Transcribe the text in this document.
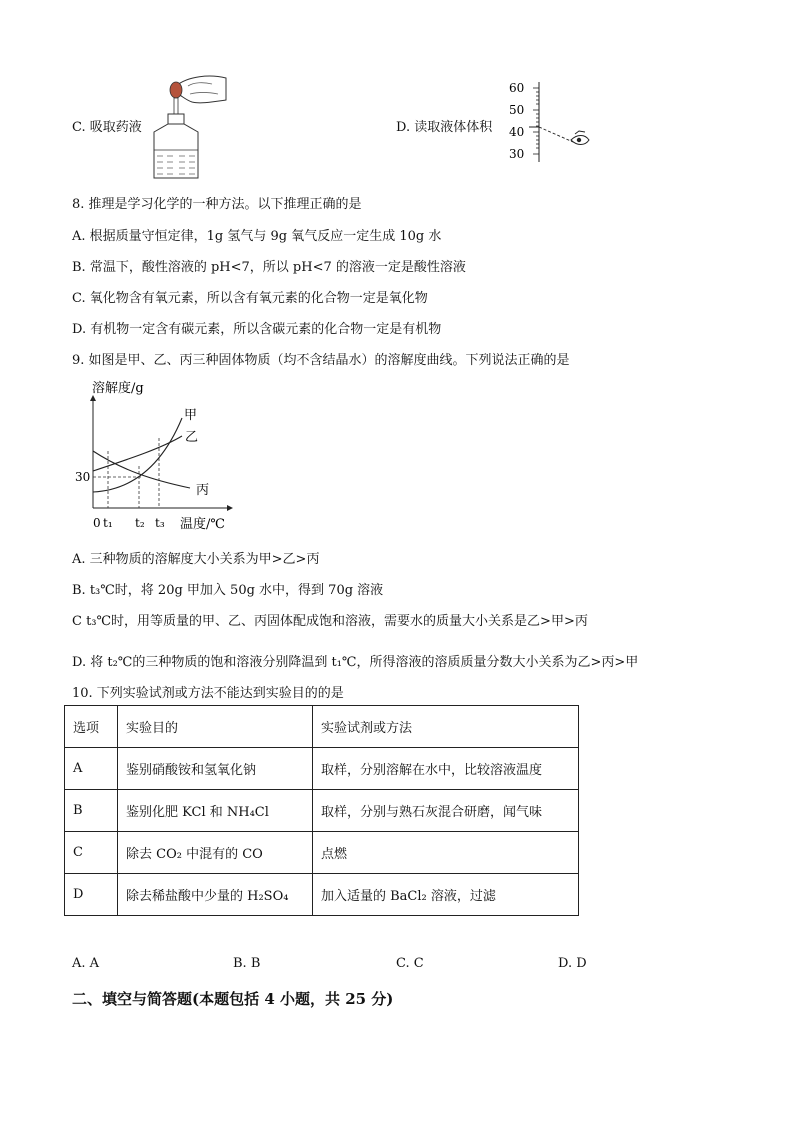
C. 吸取药液	D. 读取液体体积
60
50
40
30
8. 推理是学习化学的一种方法。以下推理正确的是
A. 根据质量守恒定律，1g 氢气与 9g 氧气反应一定生成 10g 水
B. 常温下，酸性溶液的 pH<7，所以 pH<7 的溶液一定是酸性溶液
C. 氧化物含有氧元素，所以含有氧元素的化合物一定是氧化物
D. 有机物一定含有碳元素，所以含碳元素的化合物一定是有机物
9. 如图是甲、乙、丙三种固体物质（均不含结晶水）的溶解度曲线。下列说法正确的是
溶解度/g
温度/℃
0
30
t₁ t₂ t₃
甲
乙
丙
A. 三种物质的溶解度大小关系为甲>乙>丙
B. t₃℃时，将 20g 甲加入 50g 水中，得到 70g 溶液
C t₃℃时，用等质量的甲、乙、丙固体配成饱和溶液，需要水的质量大小关系是乙>甲>丙
D. 将 t₂℃的三种物质的饱和溶液分别降温到 t₁℃，所得溶液的溶质质量分数大小关系为乙>丙>甲
10. 下列实验试剂或方法不能达到实验目的的是
选项	实验目的	实验试剂或方法
A	鉴别硝酸铵和氢氧化钠	取样，分别溶解在水中，比较溶液温度
B	鉴别化肥 KCl 和 NH₄Cl	取样，分别与熟石灰混合研磨，闻气味
C	除去 CO₂ 中混有的 CO	点燃
D	除去稀盐酸中少量的 H₂SO₄	加入适量的 BaCl₂ 溶液，过滤
A. A	B. B	C. C	D. D
二、填空与简答题(本题包括 4 小题，共 25 分)
